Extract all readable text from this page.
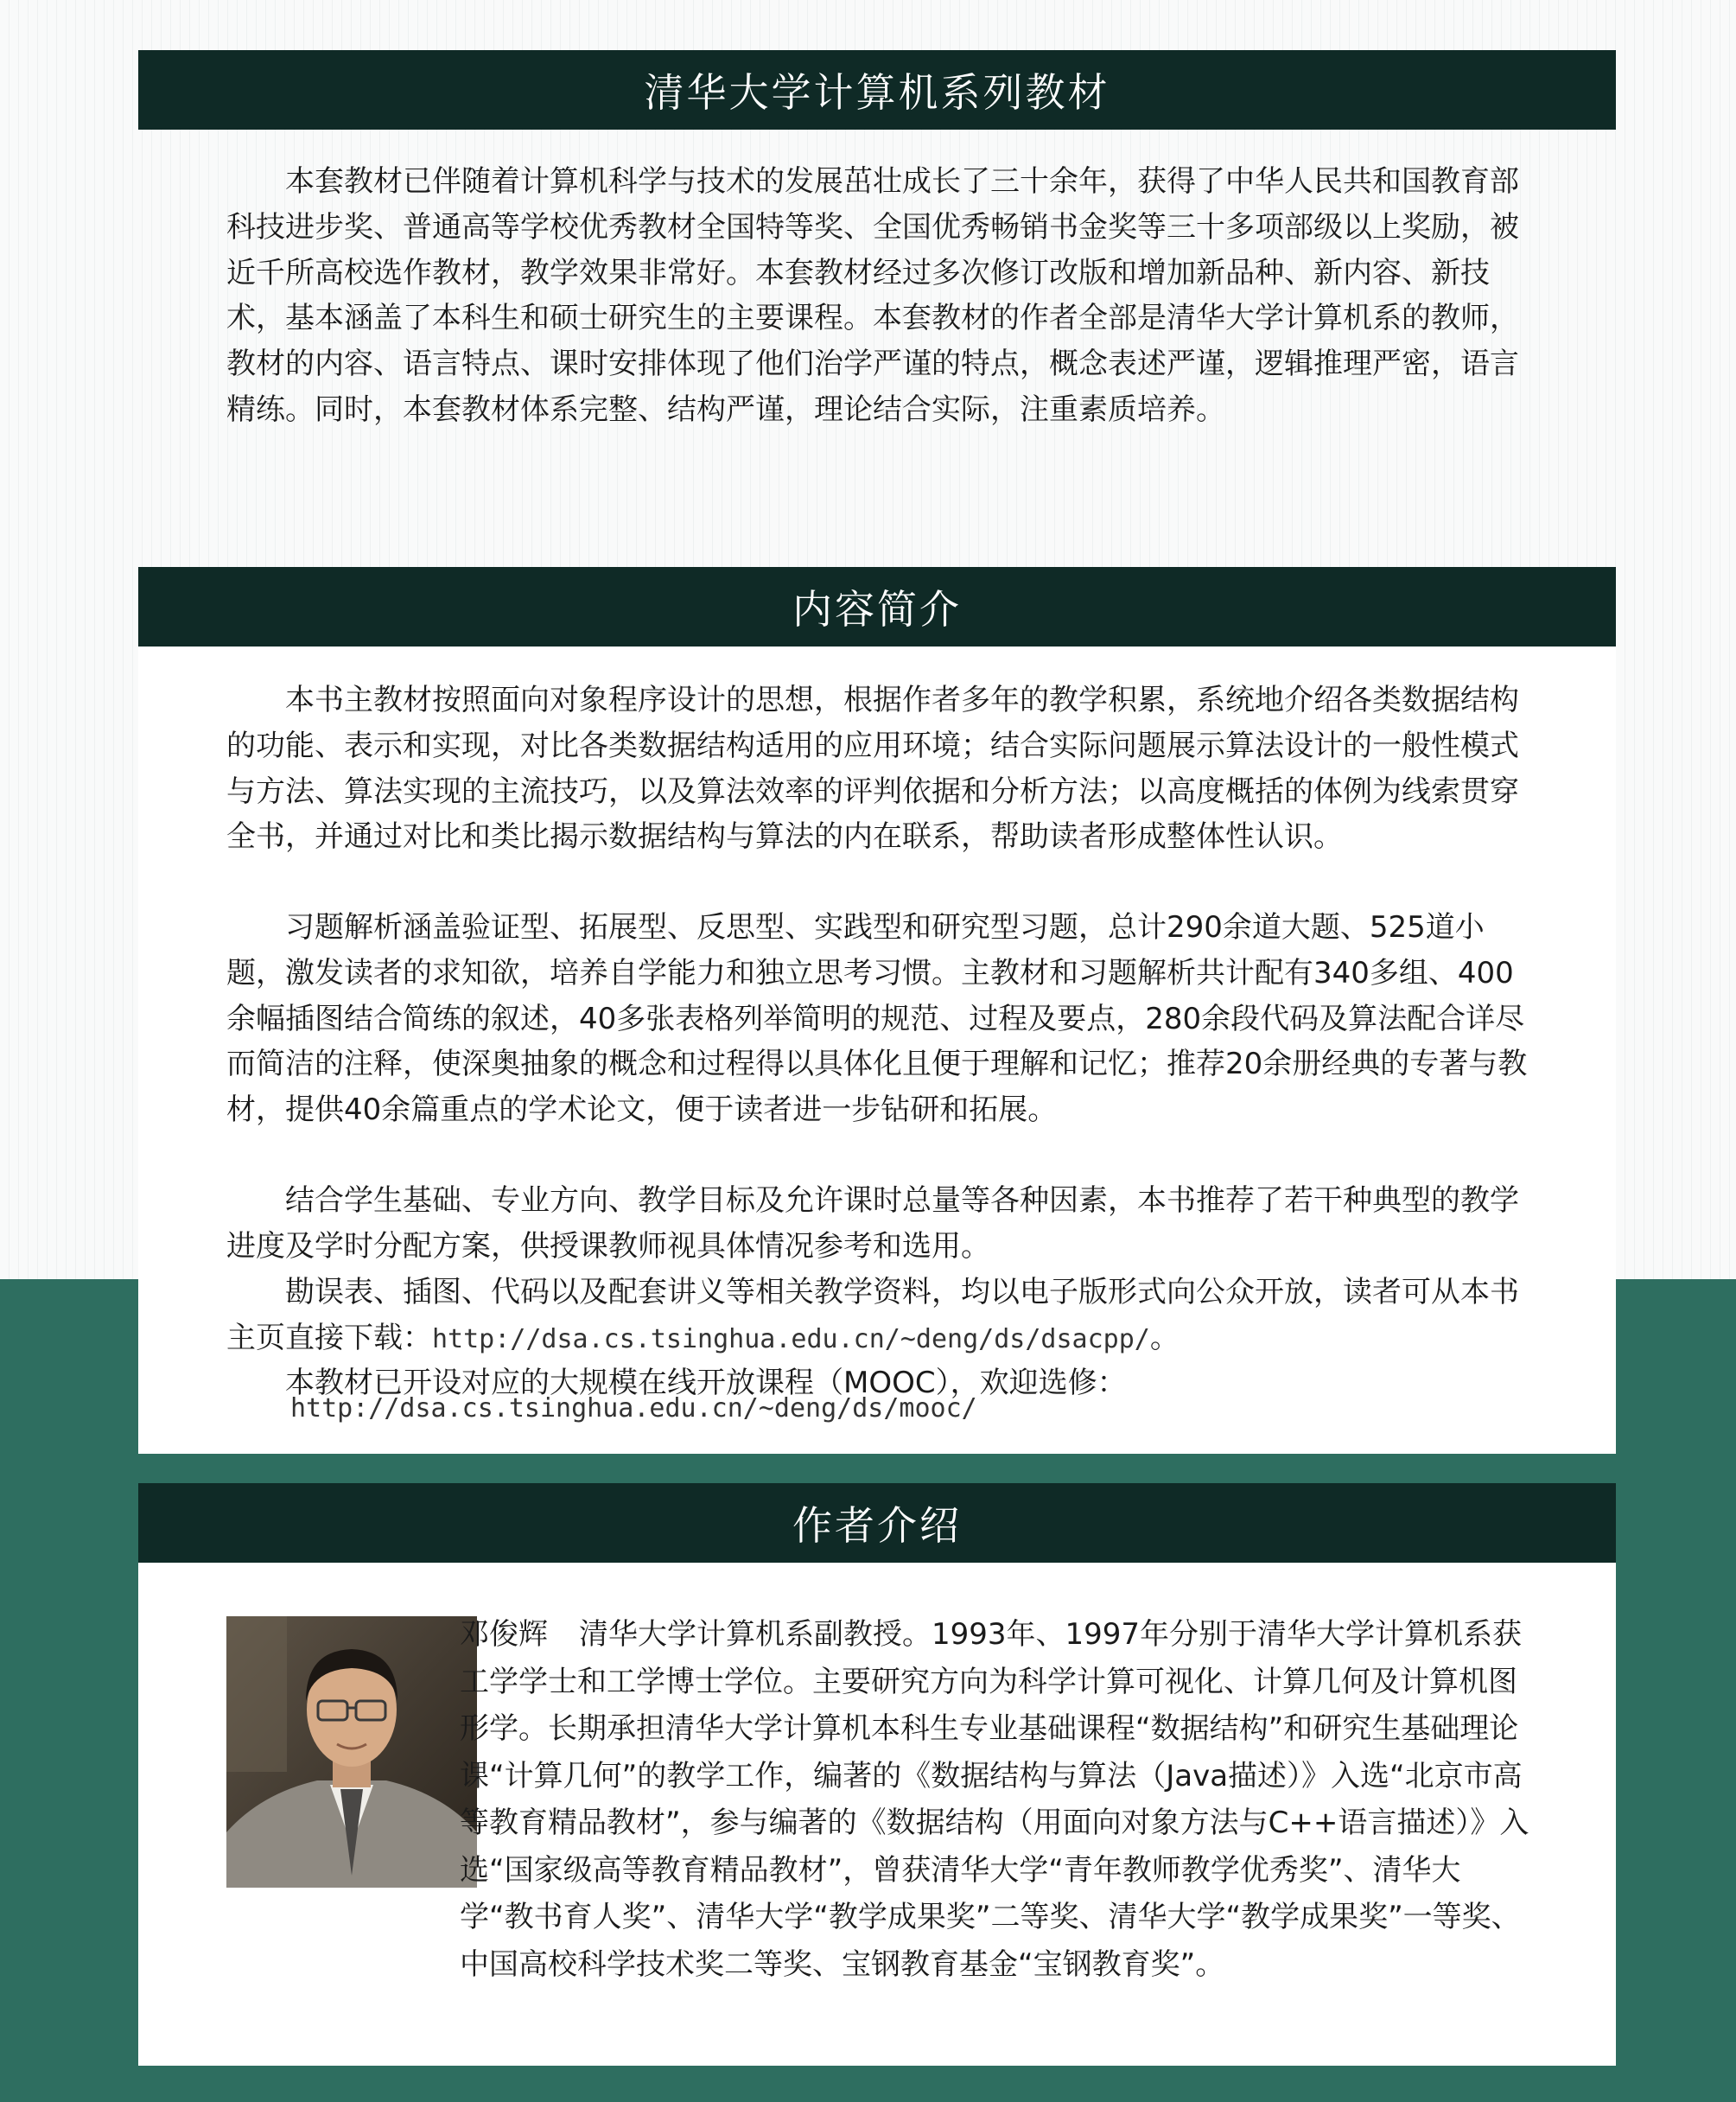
清华大学计算机系列教材

本套教材已伴随着计算机科学与技术的发展茁壮成长了三十余年，获得了中华人民共和国教育部科技进步奖、普通高等学校优秀教材全国特等奖、全国优秀畅销书金奖等三十多项部级以上奖励，被近千所高校选作教材，教学效果非常好。本套教材经过多次修订改版和增加新品种、新内容、新技术，基本涵盖了本科生和硕士研究生的主要课程。本套教材的作者全部是清华大学计算机系的教师，教材的内容、语言特点、课时安排体现了他们治学严谨的特点，概念表述严谨，逻辑推理严密，语言精练。同时，本套教材体系完整、结构严谨，理论结合实际，注重素质培养。

内容简介

本书主教材按照面向对象程序设计的思想，根据作者多年的教学积累，系统地介绍各类数据结构的功能、表示和实现，对比各类数据结构适用的应用环境；结合实际问题展示算法设计的一般性模式与方法、算法实现的主流技巧，以及算法效率的评判依据和分析方法；以高度概括的体例为线索贯穿全书，并通过对比和类比揭示数据结构与算法的内在联系，帮助读者形成整体性认识。

习题解析涵盖验证型、拓展型、反思型、实践型和研究型习题，总计290余道大题、525道小题，激发读者的求知欲，培养自学能力和独立思考习惯。主教材和习题解析共计配有340多组、400余幅插图结合简练的叙述，40多张表格列举简明的规范、过程及要点，280余段代码及算法配合详尽而简洁的注释，使深奥抽象的概念和过程得以具体化且便于理解和记忆；推荐20余册经典的专著与教材，提供40余篇重点的学术论文，便于读者进一步钻研和拓展。

结合学生基础、专业方向、教学目标及允许课时总量等各种因素，本书推荐了若干种典型的教学进度及学时分配方案，供授课教师视具体情况参考和选用。

勘误表、插图、代码以及配套讲义等相关教学资料，均以电子版形式向公众开放，读者可从本书主页直接下载：http://dsa.cs.tsinghua.edu.cn/~deng/ds/dsacpp/。

本教材已开设对应的大规模在线开放课程（MOOC），欢迎选修：

http://dsa.cs.tsinghua.edu.cn/~deng/ds/mooc/
作者介绍

邓俊辉 清华大学计算机系副教授。1993年、1997年分别于清华大学计算机系获工学学士和工学博士学位。主要研究方向为科学计算可视化、计算几何及计算机图形学。长期承担清华大学计算机本科生专业基础课程“数据结构”和研究生基础理论课“计算几何”的教学工作，编著的《数据结构与算法（Java描述）》入选“北京市高等教育精品教材”，参与编著的《数据结构（用面向对象方法与C++语言描述）》入选“国家级高等教育精品教材”，曾获清华大学“青年教师教学优秀奖”、清华大学“教书育人奖”、清华大学“教学成果奖”二等奖、清华大学“教学成果奖”一等奖、中国高校科学技术奖二等奖、宝钢教育基金“宝钢教育奖”。
